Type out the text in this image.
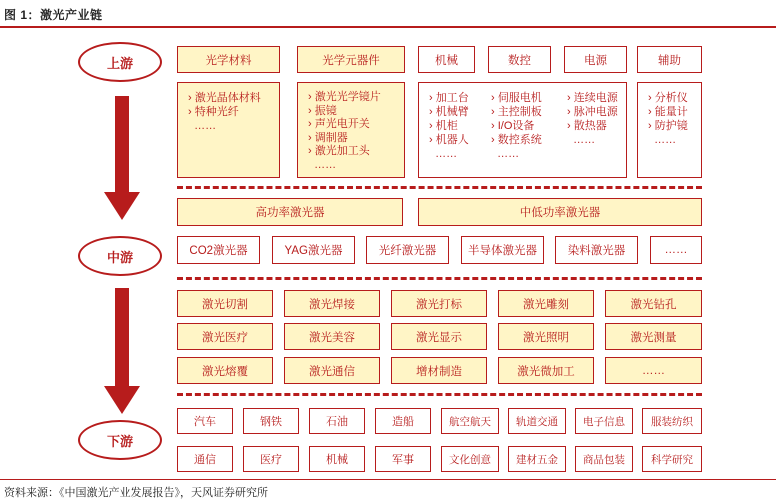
图 1：激光产业链
资料来源：《中国激光产业发展报告》，天风证券研究所
上游
中游
下游
光学材料	光学元器件	机械	数控	电源	辅助
› 激光晶体材料
› 特种光纤
……
› 激光光学镜片
› 振镜
› 声光电开关
› 调制器
› 激光加工头
……
› 加工台
› 机械臂
› 机柜
› 机器人
……
› 伺服电机
› 主控制板
› I/O设备
› 数控系统
……
› 连续电源
› 脉冲电源
› 散热器
……
› 分析仪
› 能量计
› 防护镜
……
高功率激光器	中低功率激光器
CO2激光器	YAG激光器	光纤激光器	半导体激光器	染料激光器	……
激光切割	激光焊接	激光打标	激光雕刻	激光钻孔
激光医疗	激光美容	激光显示	激光照明	激光测量
激光熔覆	激光通信	增材制造	激光微加工	……
汽车	钢铁	石油	造船	航空航天	轨道交通	电子信息	服装纺织
通信	医疗	机械	军事	文化创意	建材五金	商品包装	科学研究
